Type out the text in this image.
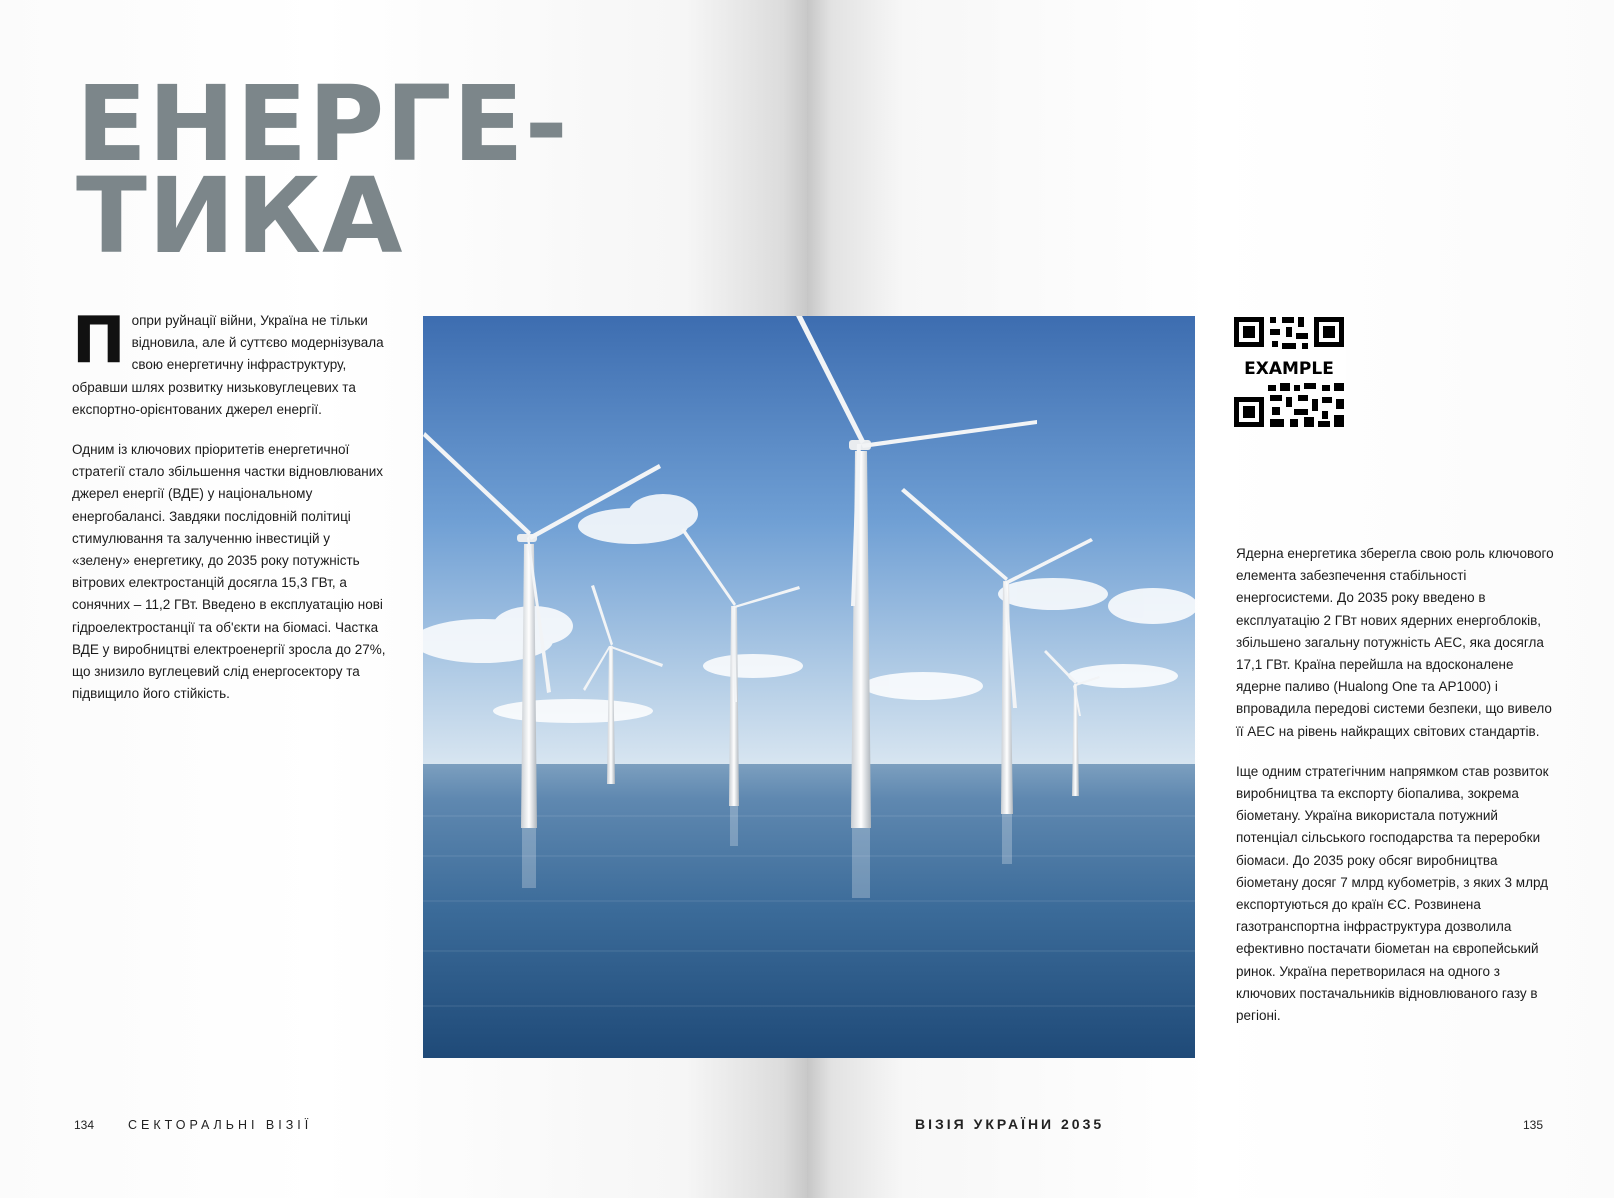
ЕНЕРГЕ-
ТИКА

Попри руйнації війни, Україна не тільки відновила, але й суттєво модернізувала свою енергетичну інфраструктуру, обравши шлях розвитку низьковуглецевих та експортно-орієнтованих джерел енергії.

Одним із ключових пріоритетів енергетичної стратегії стало збільшення частки відновлюваних джерел енергії (ВДЕ) у національному енергобалансі. Завдяки послідовній політиці стимулювання та залученню інвестицій у «зелену» енергетику, до 2035 року потужність вітрових електростанцій досягла 15,3 ГВт, а сонячних – 11,2 ГВт. Введено в експлуатацію нові гідроелектростанції та об'єкти на біомасі. Частка ВДЕ у виробництві електроенергії зросла до 27%, що знизило вуглецевий слід енергосектору та підвищило його стійкість.

EXAMPLE

Ядерна енергетика зберегла свою роль ключового елемента забезпечення стабільності енергосистеми. До 2035 року введено в експлуатацію 2 ГВт нових ядерних енергоблоків, збільшено загальну потужність АЕС, яка досягла 17,1 ГВт. Країна перейшла на вдосконалене ядерне паливо (Hualong One та AP1000) і впровадила передові системи безпеки, що вивело її АЕС на рівень найкращих світових стандартів.

Іще одним стратегічним напрямком став розвиток виробництва та експорту біопалива, зокрема біометану. Україна використала потужний потенціал сільського господарства та переробки біомаси. До 2035 року обсяг виробництва біометану досяг 7 млрд кубометрів, з яких 3 млрд експортуються до країн ЄС. Розвинена газотранспортна інфраструктура дозволила ефективно постачати біометан на європейський ринок. Україна перетворилася на одного з ключових постачальників відновлюваного газу в регіоні.

134	СЕКТОРАЛЬНІ ВІЗІЇ	ВІЗІЯ УКРАЇНИ 2035	135
